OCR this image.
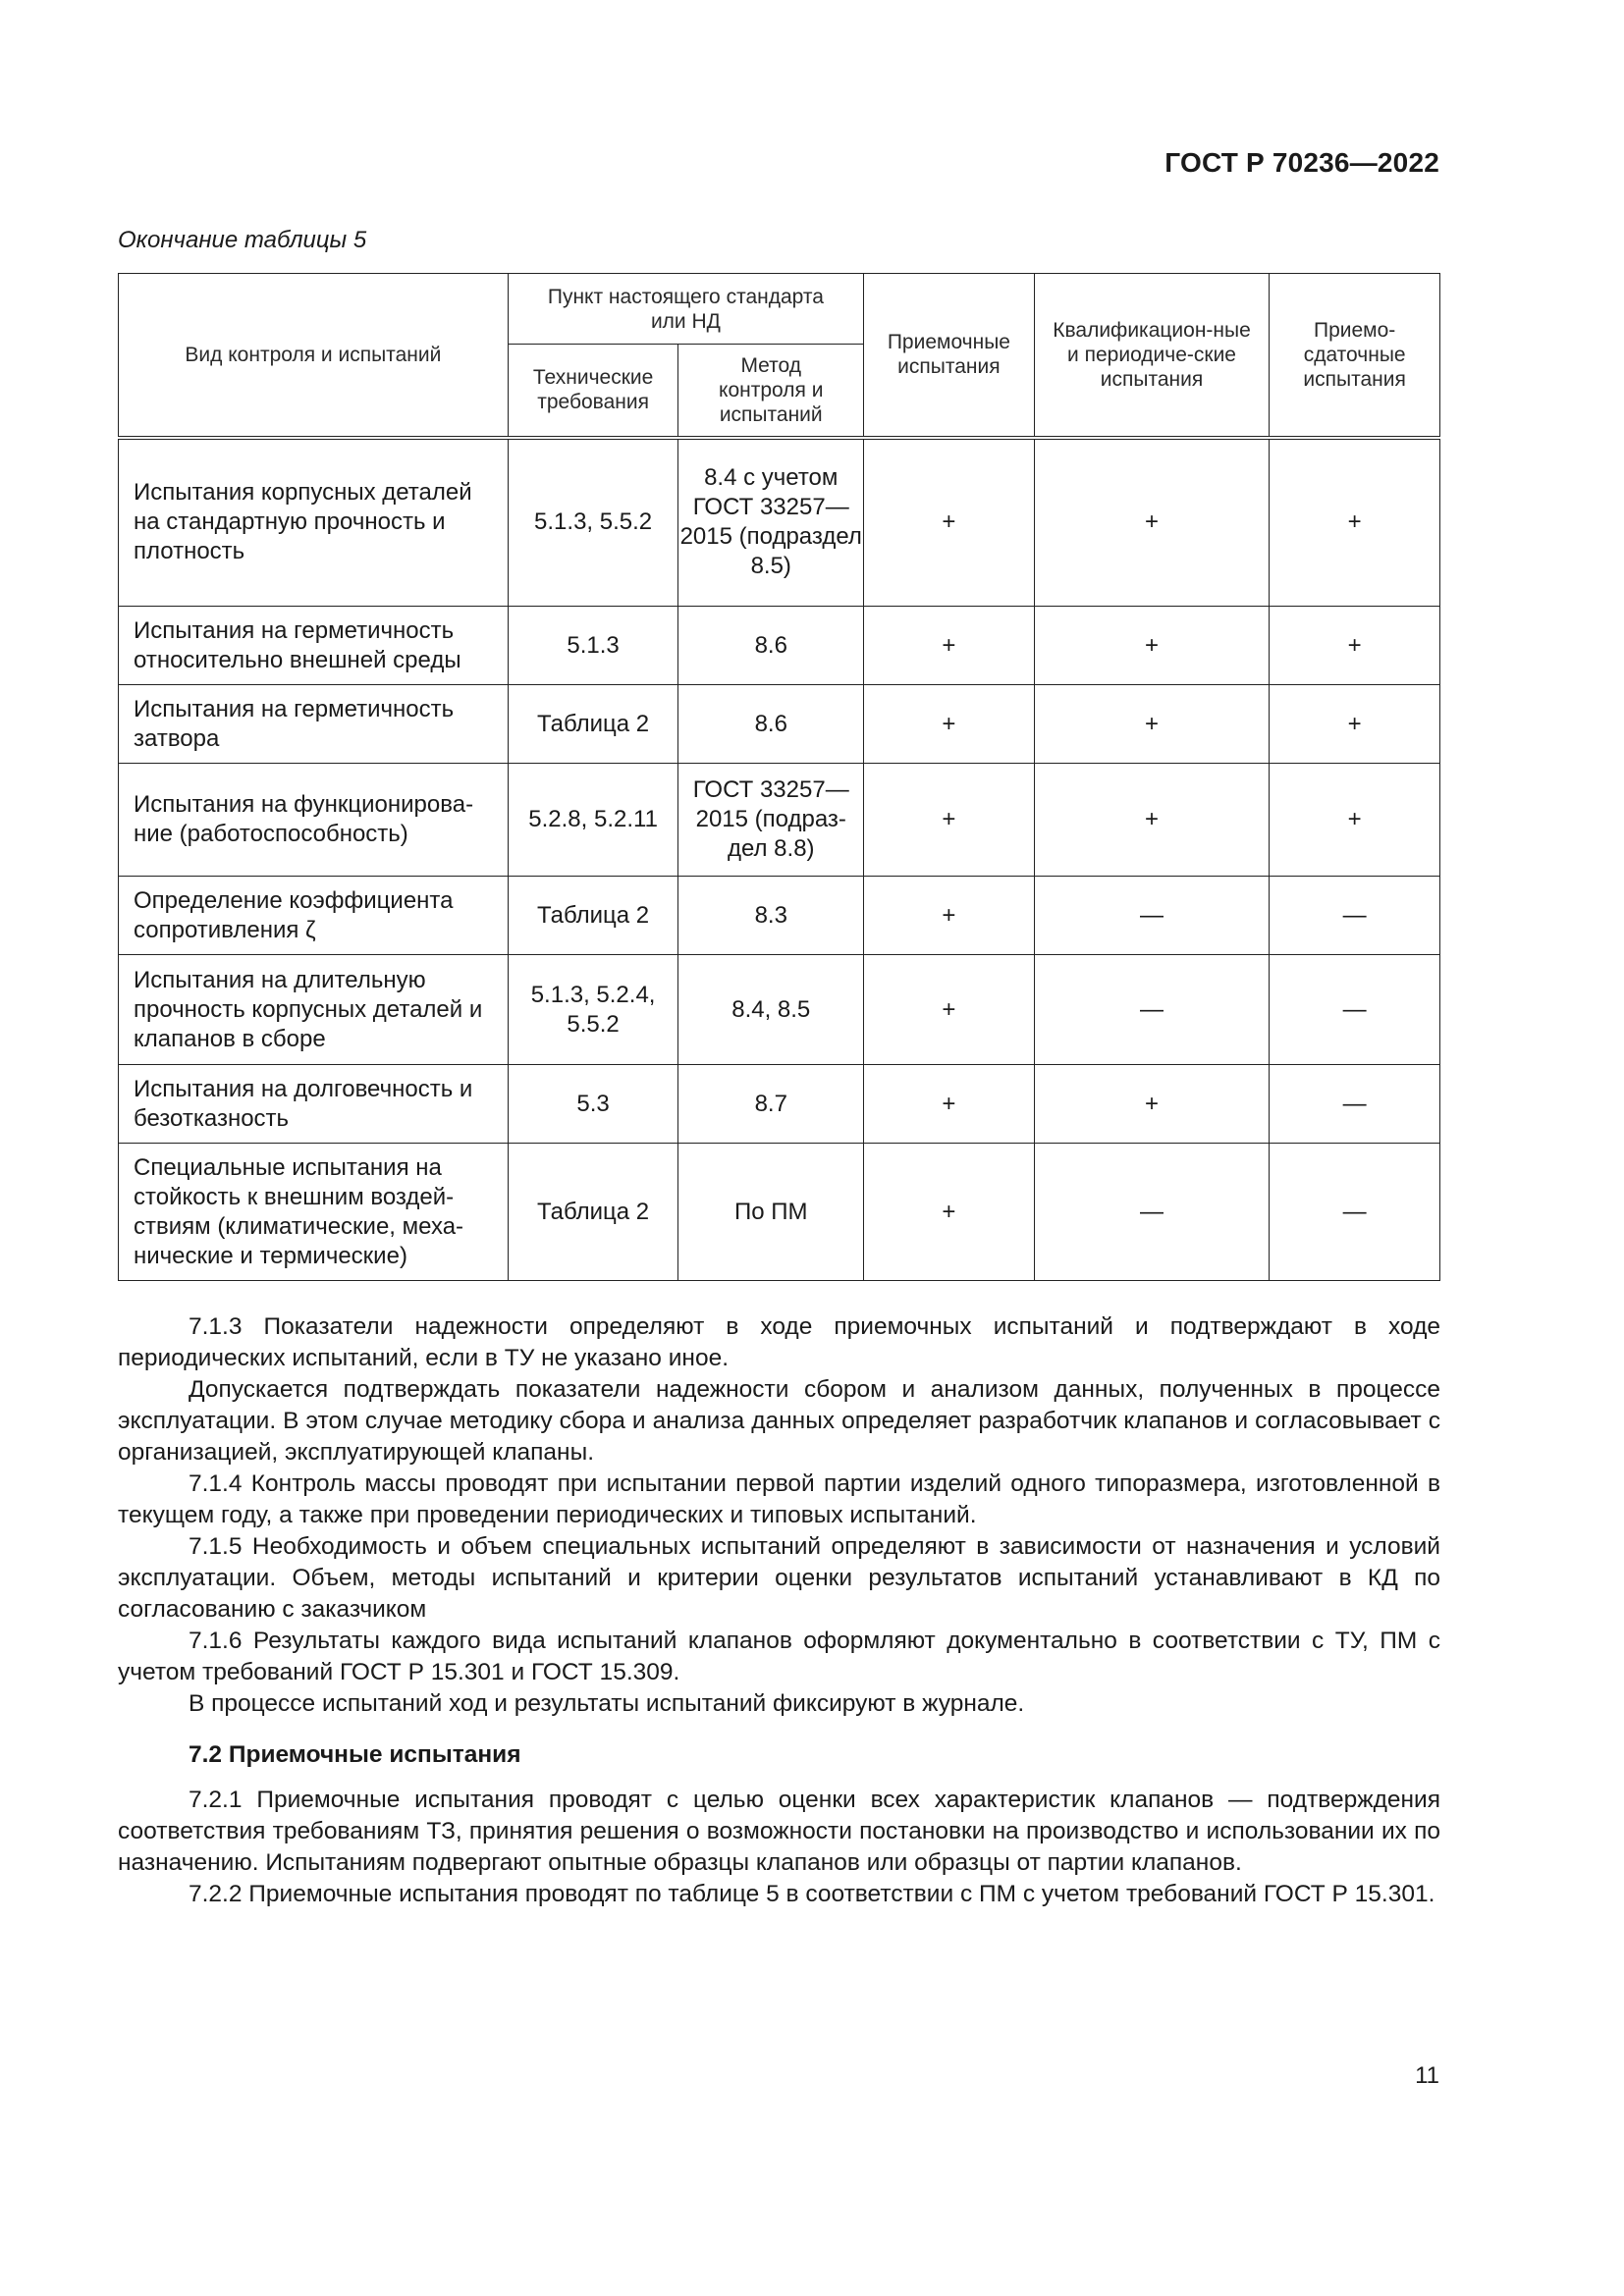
ГОСТ Р 70236—2022
Окончание таблицы 5
Вид контроля и испытаний	Пункт настоящего стандарта или НД		Приемочные испытания	Квалификацион-ные и периодиче-ские испытания	Приемо-сдаточные испытания
	Технические требования	Метод контроля и испытаний			
Испытания корпусных деталей на стандартную прочность и плотность	5.1.3, 5.5.2	8.4 с учетом ГОСТ 33257—2015 (подраздел 8.5)	+	+	+
Испытания на герметичность относительно внешней среды	5.1.3	8.6	+	+	+
Испытания на герметичность затвора	Таблица 2	8.6	+	+	+
Испытания на функционирова-ние (работоспособность)	5.2.8, 5.2.11	ГОСТ 33257—2015 (подраз-дел 8.8)	+	+	+
Определение коэффициента сопротивления ζ	Таблица 2	8.3	+	—	—
Испытания на длительную прочность корпусных деталей и клапанов в сборе	5.1.3, 5.2.4, 5.5.2	8.4, 8.5	+	—	—
Испытания на долговечность и безотказность	5.3	8.7	+	+	—
Специальные испытания на стойкость к внешним воздей-ствиям (климатические, меха-нические и термические)	Таблица 2	По ПМ	+	—	—

7.1.3 Показатели надежности определяют в ходе приемочных испытаний и подтверждают в ходе периодических испытаний, если в ТУ не указано иное.

Допускается подтверждать показатели надежности сбором и анализом данных, полученных в процессе эксплуатации. В этом случае методику сбора и анализа данных определяет разработчик клапанов и согласовывает с организацией, эксплуатирующей клапаны.

7.1.4 Контроль массы проводят при испытании первой партии изделий одного типоразмера, изготовленной в текущем году, а также при проведении периодических и типовых испытаний.

7.1.5 Необходимость и объем специальных испытаний определяют в зависимости от назначения и условий эксплуатации. Объем, методы испытаний и критерии оценки результатов испытаний устанавливают в КД по согласованию с заказчиком

7.1.6 Результаты каждого вида испытаний клапанов оформляют документально в соответствии с ТУ, ПМ с учетом требований ГОСТ Р 15.301 и ГОСТ 15.309.

В процессе испытаний ход и результаты испытаний фиксируют в журнале.

7.2 Приемочные испытания

7.2.1 Приемочные испытания проводят с целью оценки всех характеристик клапанов — подтверждения соответствия требованиям ТЗ, принятия решения о возможности постановки на производство и использовании их по назначению. Испытаниям подвергают опытные образцы клапанов или образцы от партии клапанов.

7.2.2 Приемочные испытания проводят по таблице 5 в соответствии с ПМ с учетом требований ГОСТ Р 15.301.

11
